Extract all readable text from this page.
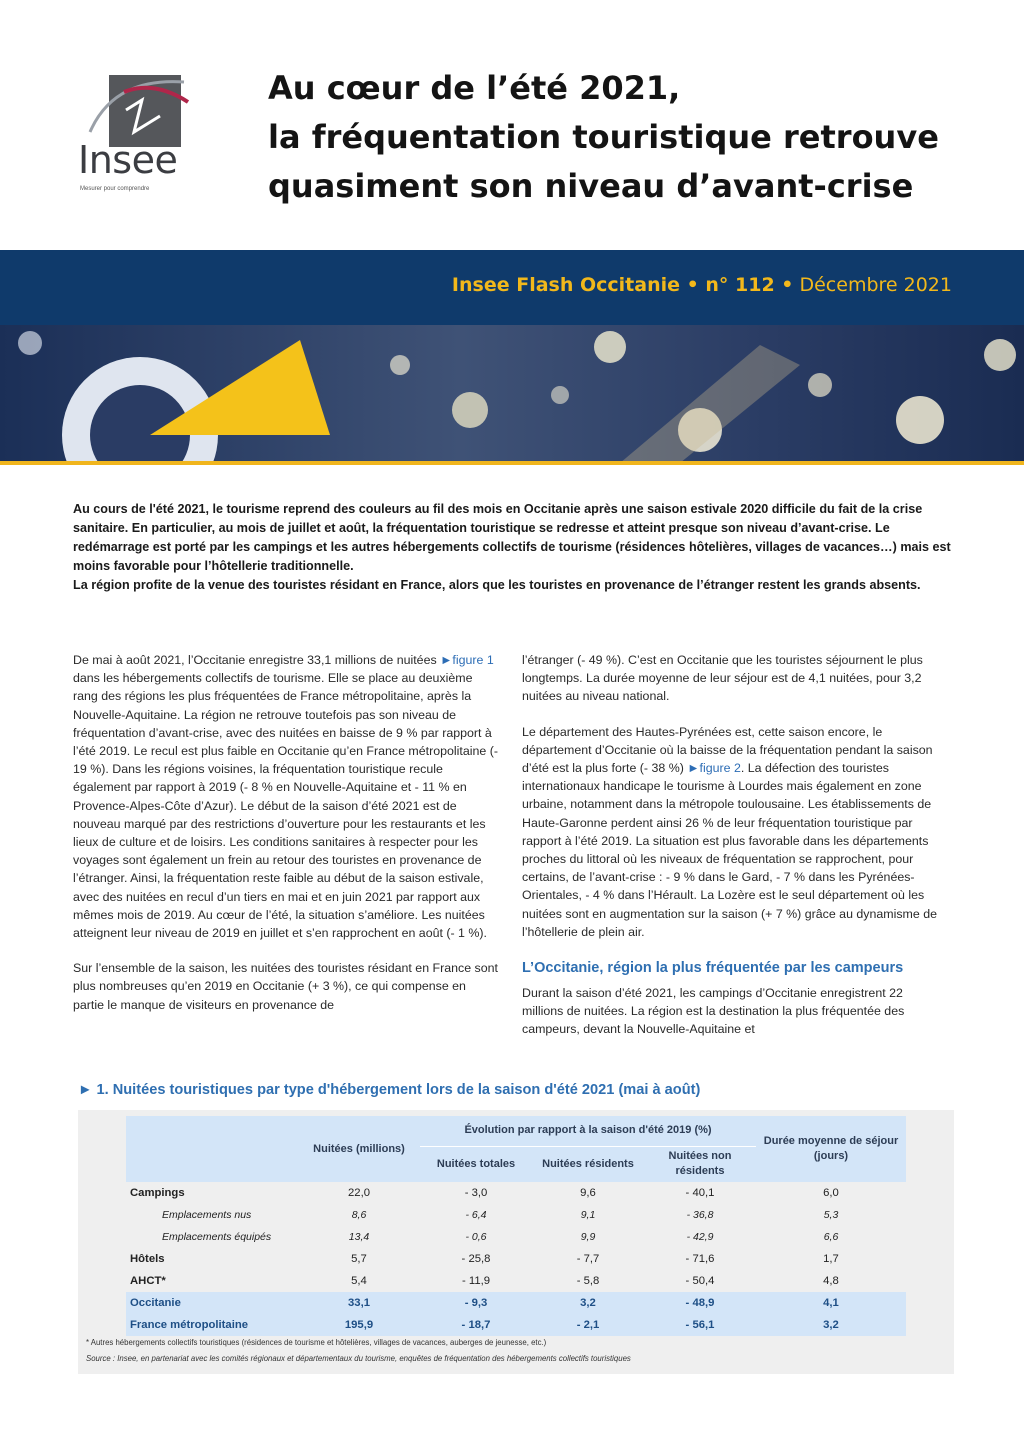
Insee
Mesurer pour comprendre
Au cœur de l’été 2021,
la fréquentation touristique retrouve
quasiment son niveau d’avant-crise
Insee Flash Occitanie • n° 112 • Décembre 2021

Au cours de l'été 2021, le tourisme reprend des couleurs au fil des mois en Occitanie après une saison estivale 2020 difficile du fait de la crise sanitaire. En particulier, au mois de juillet et août, la fréquentation touristique se redresse et atteint presque son niveau d’avant-crise. Le redémarrage est porté par les campings et les autres hébergements collectifs de tourisme (résidences hôtelières, villages de vacances…) mais est moins favorable pour l’hôtellerie traditionnelle.

La région profite de la venue des touristes résidant en France, alors que les touristes en provenance de l’étranger restent les grands absents.

De mai à août 2021, l’Occitanie enregistre 33,1 millions de nuitées ►figure 1 dans les hébergements collectifs de tourisme. Elle se place au deuxième rang des régions les plus fréquentées de France métropolitaine, après la Nouvelle-Aquitaine. La région ne retrouve toutefois pas son niveau de fréquentation d’avant-crise, avec des nuitées en baisse de 9 % par rapport à l’été 2019. Le recul est plus faible en Occitanie qu’en France métropolitaine (- 19 %). Dans les régions voisines, la fréquentation touristique recule également par rapport à 2019 (- 8 % en Nouvelle-Aquitaine et - 11 % en Provence-Alpes-Côte d’Azur). Le début de la saison d’été 2021 est de nouveau marqué par des restrictions d’ouverture pour les restaurants et les lieux de culture et de loisirs. Les conditions sanitaires à respecter pour les voyages sont également un frein au retour des touristes en provenance de l’étranger. Ainsi, la fréquentation reste faible au début de la saison estivale, avec des nuitées en recul d’un tiers en mai et en juin 2021 par rapport aux mêmes mois de 2019. Au cœur de l’été, la situation s’améliore. Les nuitées atteignent leur niveau de 2019 en juillet et s’en rapprochent en août (- 1 %).

Sur l’ensemble de la saison, les nuitées des touristes résidant en France sont plus nombreuses qu’en 2019 en Occitanie (+ 3 %), ce qui compense en partie le manque de visiteurs en provenance de

l’étranger (- 49 %). C’est en Occitanie que les touristes séjournent le plus longtemps. La durée moyenne de leur séjour est de 4,1 nuitées, pour 3,2 nuitées au niveau national.

Le département des Hautes-Pyrénées est, cette saison encore, le département d’Occitanie où la baisse de la fréquentation pendant la saison d’été est la plus forte (- 38 %) ►figure 2. La défection des touristes internationaux handicape le tourisme à Lourdes mais également en zone urbaine, notamment dans la métropole toulousaine. Les établissements de Haute-Garonne perdent ainsi 26 % de leur fréquentation touristique par rapport à l’été 2019. La situation est plus favorable dans les départements proches du littoral où les niveaux de fréquentation se rapprochent, pour certains, de l’avant-crise : - 9 % dans le Gard, - 7 % dans les Pyrénées-Orientales, - 4 % dans l’Hérault. La Lozère est le seul département où les nuitées sont en augmentation sur la saison (+ 7 %) grâce au dynamisme de l’hôtellerie de plein air.

L’Occitanie, région la plus fréquentée par les campeurs

Durant la saison d’été 2021, les campings d’Occitanie enregistrent 22 millions de nuitées. La région est la destination la plus fréquentée des campeurs, devant la Nouvelle-Aquitaine et

► 1. Nuitées touristiques par type d'hébergement lors de la saison d'été 2021 (mai à août)
	Nuitées (millions)	Évolution par rapport à la saison d'été 2019 (%)			Durée moyenne de séjour (jours)
		Nuitées totales	Nuitées résidents	Nuitées non résidents	
Campings	22,0	- 3,0	9,6	- 40,1	6,0
Emplacements nus	8,6	- 6,4	9,1	- 36,8	5,3
Emplacements équipés	13,4	- 0,6	9,9	- 42,9	6,6
Hôtels	5,7	- 25,8	- 7,7	- 71,6	1,7
AHCT*	5,4	- 11,9	- 5,8	- 50,4	4,8
Occitanie	33,1	- 9,3	3,2	- 48,9	4,1
France métropolitaine	195,9	- 18,7	- 2,1	- 56,1	3,2
* Autres hébergements collectifs touristiques (résidences de tourisme et hôtelières, villages de vacances, auberges de jeunesse, etc.)
Source : Insee, en partenariat avec les comités régionaux et départementaux du tourisme, enquêtes de fréquentation des hébergements collectifs touristiques
